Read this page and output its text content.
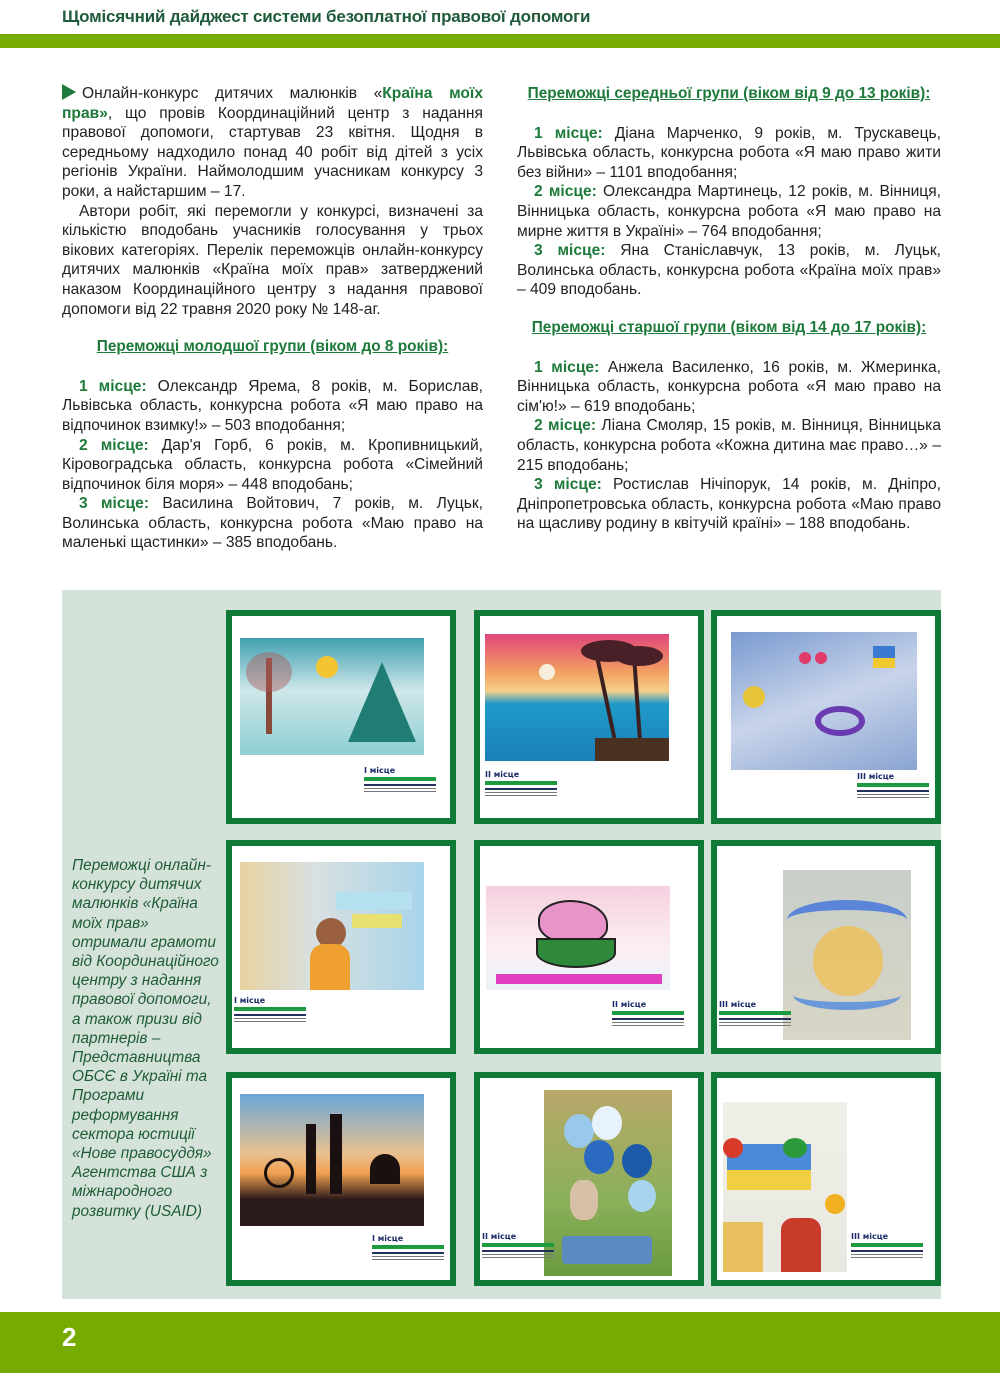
Щомісячний дайджест системи безоплатної правової допомоги

Онлайн-конкурс дитячих малюнків «Країна моїх прав», що провів Координаційний центр з надання правової допомоги, стартував 23 квітня. Щодня в середньому надходило понад 40 робіт від дітей з усіх регіонів України. Наймолодшим учасникам конкурсу 3 роки, а найстаршим – 17.

Автори робіт, які перемогли у конкурсі, визначені за кількістю вподобань учасників голосування у трьох вікових категоріях. Перелік переможців онлайн-конкурсу дитячих малюнків «Країна моїх прав» затверджений наказом Координаційного центру з надання правової допомоги від 22 травня 2020 року № 148-аг.

Переможці молодшої групи (віком до 8 років):

1 місце: Олександр Ярема, 8 років, м. Борислав, Львівська область, конкурсна робота «Я маю право на відпочинок взимку!» – 503 вподобання;

2 місце: Дар'я Горб, 6 років, м. Кропивницький, Кіровоградська область, конкурсна робота «Сімейний відпочинок біля моря» – 448 вподобань;

3 місце: Василина Войтович, 7 років, м. Луцьк, Волинська область, конкурсна робота «Маю право на маленькі щастинки» – 385 вподобань.

Переможці середньої групи (віком від 9 до 13 років):

1 місце: Діана Марченко, 9 років, м. Трускавець, Львівська область, конкурсна робота «Я маю право жити без війни» – 1101 вподобання;

2 місце: Олександра Мартинець, 12 років, м. Вінниця, Вінницька область, конкурсна робота «Я маю право на мирне життя в Україні» – 764 вподобання;

3 місце: Яна Станіславчук, 13 років, м. Луцьк, Волинська область, конкурсна робота «Країна моїх прав» – 409 вподобань.

Переможці старшої групи (віком від 14 до 17 років):

1 місце: Анжела Василенко, 16 років, м. Жмеринка, Вінницька область, конкурсна робота «Я маю право на сім'ю!» – 619 вподобань;

2 місце: Ліана Смоляр, 15 років, м. Вінниця, Вінницька область, конкурсна робота «Кожна дитина має право…» – 215 вподобань;

3 місце: Ростислав Нічіпорук, 14 років, м. Дніпро, Дніпропетровська область, конкурсна робота «Маю право на щасливу родину в квітучій країні» – 188 вподобань.

Переможці онлайн-конкурсу дитячих малюнків «Країна моїх прав» отримали грамоти від Координаційного центру з надання правової допомоги, а також призи від партнерів – Представництва ОБСЄ в Україні та Програми реформування сектора юстиції «Нове правосуддя» Агентства США з міжнародного розвитку (USAID)
I місце	II місце	III місце
I місце	II місце	III місце
I місце	II місце	III місце
2
